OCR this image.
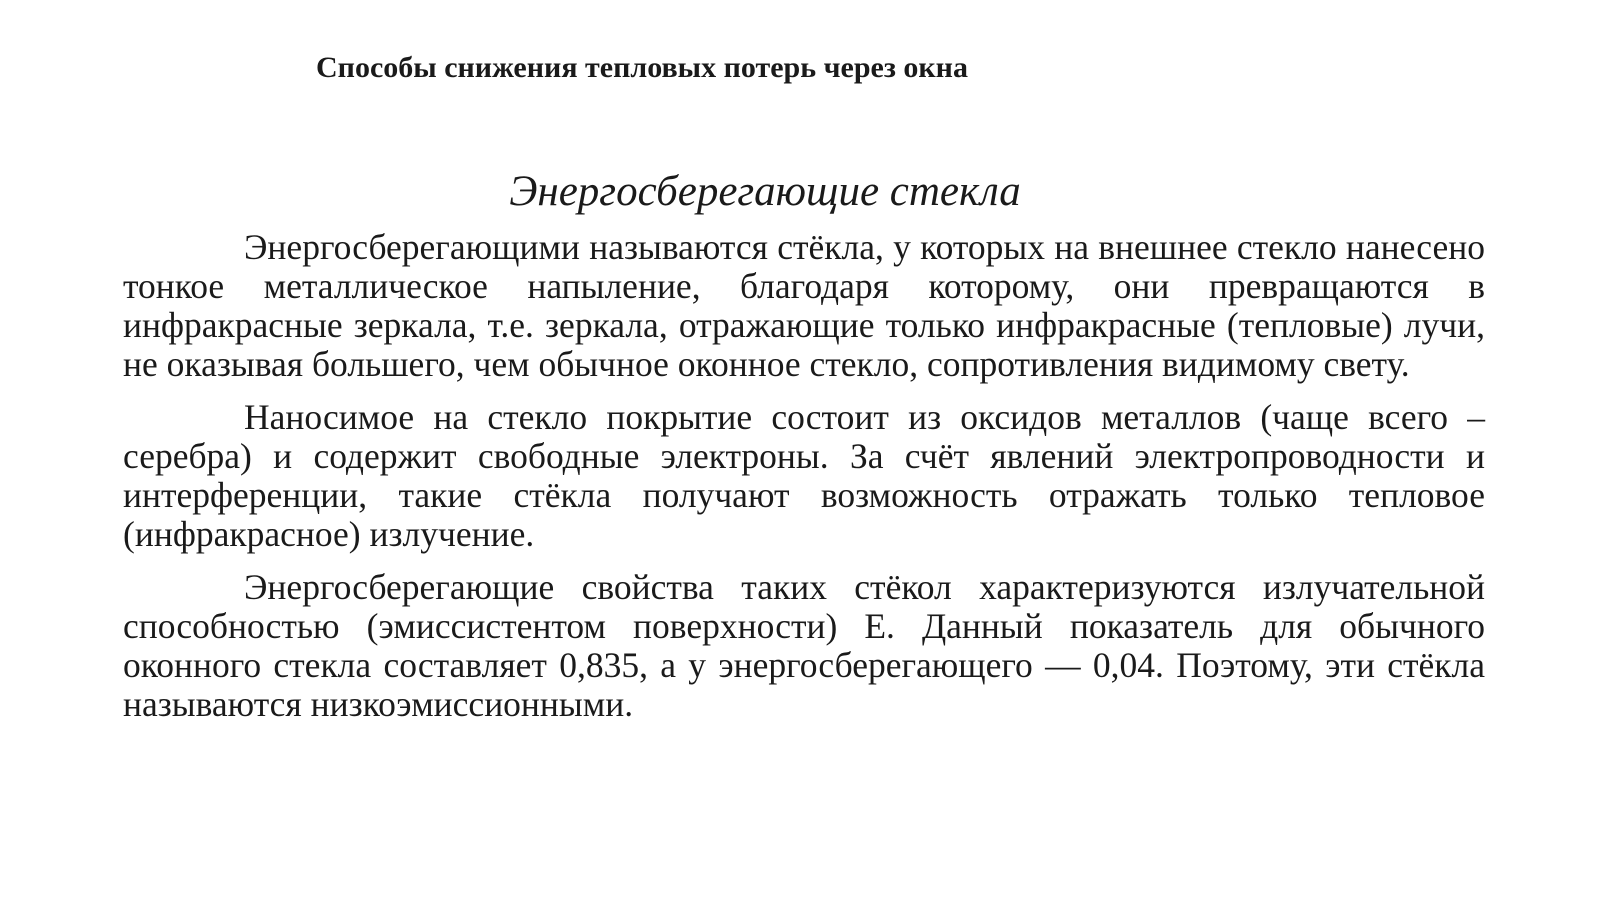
Способы снижения тепловых потерь через окна
Энергосберегающие стекла

Энергосберегающими называются стёкла, у которых на внешнее стекло нанесено тонкое металлическое напыление, благодаря которому, они превращаются в инфракрасные зеркала, т.е. зеркала, отражающие только инфракрасные (тепловые) лучи, не оказывая большего, чем обычное оконное стекло, сопротивления видимому свету.

Наносимое на стекло покрытие состоит из оксидов металлов (чаще всего –серебра) и содержит свободные электроны. За счёт явлений электропроводности и интерференции, такие стёкла получают возможность отражать только тепловое (инфракрасное) излучение.

Энергосберегающие свойства таких стёкол характеризуются излучательной способностью (эмиссистентом поверхности) Е. Данный показатель для обычного оконного стекла составляет 0,835, а у энергосберегающего — 0,04. Поэтому, эти стёкла называются низкоэмиссионными.
